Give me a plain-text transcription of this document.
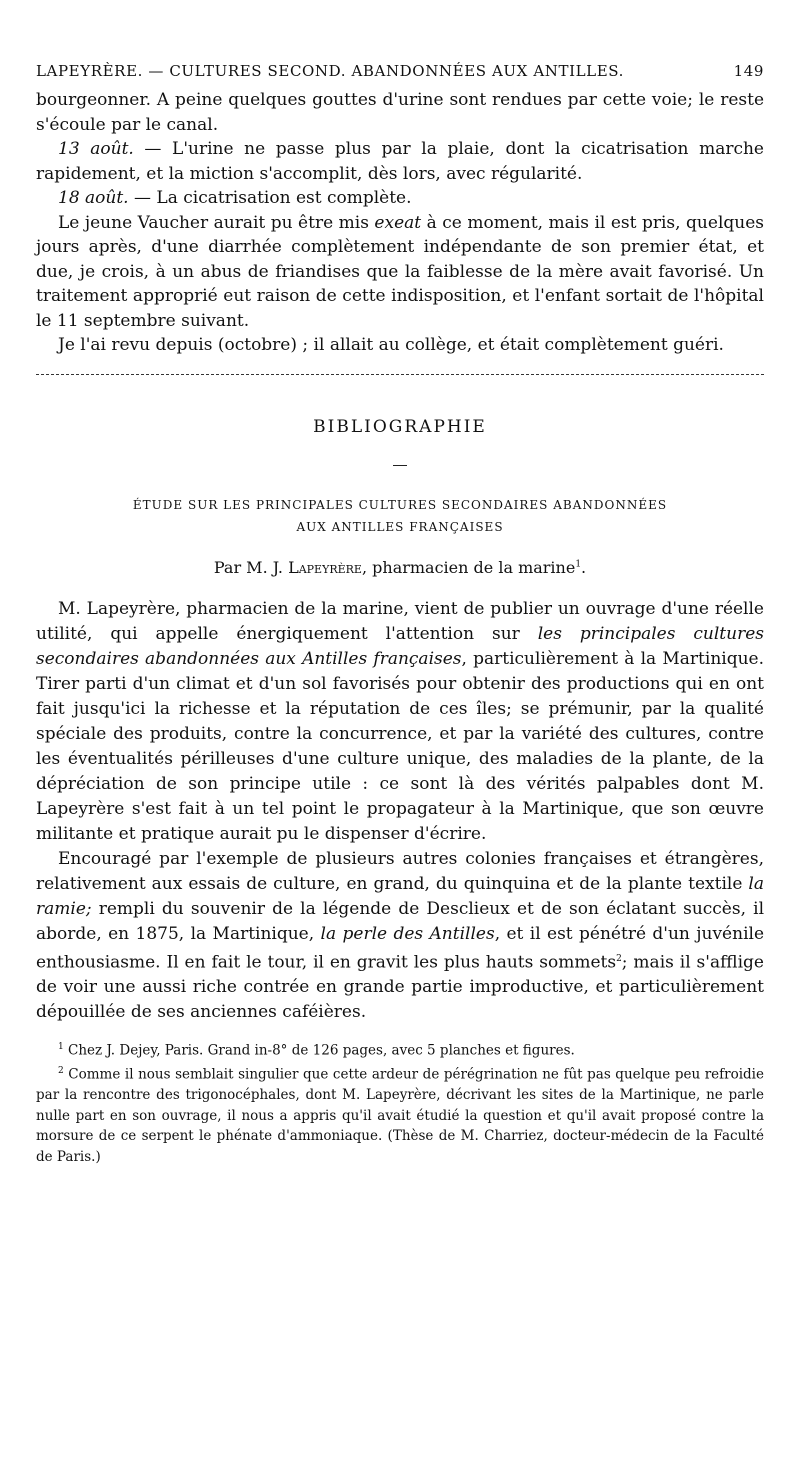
LAPEYRÈRE. — CULTURES SECOND. ABANDONNÉES AUX ANTILLES.	149

bourgeonner. A peine quelques gouttes d'urine sont rendues par cette voie; le reste s'écoule par le canal.

13 août. — L'urine ne passe plus par la plaie, dont la cicatrisation marche rapidement, et la miction s'accomplit, dès lors, avec régularité.

18 août. — La cicatrisation est complète.

Le jeune Vaucher aurait pu être mis exeat à ce moment, mais il est pris, quelques jours après, d'une diarrhée complètement indépendante de son premier état, et due, je crois, à un abus de friandises que la faiblesse de la mère avait favorisé. Un traitement approprié eut raison de cette indisposition, et l'enfant sortait de l'hôpital le 11 septembre suivant.

Je l'ai revu depuis (octobre) ; il allait au collège, et était complètement guéri.

BIBLIOGRAPHIE
ÉTUDE SUR LES PRINCIPALES CULTURES SECONDAIRES ABANDONNÉES
AUX ANTILLES FRANÇAISES
Par M. J. Lapeyrère, pharmacien de la marine$^1$.

M. Lapeyrère, pharmacien de la marine, vient de publier un ouvrage d'une réelle utilité, qui appelle énergiquement l'attention sur les principales cultures secondaires abandonnées aux Antilles françaises, particulièrement à la Martinique. Tirer parti d'un climat et d'un sol favorisés pour obtenir des productions qui en ont fait jusqu'ici la richesse et la réputation de ces îles; se prémunir, par la qualité spéciale des produits, contre la concurrence, et par la variété des cultures, contre les éventualités périlleuses d'une culture unique, des maladies de la plante, de la dépréciation de son principe utile : ce sont là des vérités palpables dont M. Lapeyrère s'est fait à un tel point le propagateur à la Martinique, que son œuvre militante et pratique aurait pu le dispenser d'écrire.

Encouragé par l'exemple de plusieurs autres colonies françaises et étrangères, relativement aux essais de culture, en grand, du quinquina et de la plante textile la ramie; rempli du souvenir de la légende de Desclieux et de son éclatant succès, il aborde, en 1875, la Martinique, la perle des Antilles, et il est pénétré d'un juvénile enthousiasme. Il en fait le tour, il en gravit les plus hauts sommets$^2$; mais il s'afflige de voir une aussi riche contrée en grande partie improductive, et particulièrement dépouillée de ses anciennes caféières.

$^1$ Chez J. Dejey, Paris. Grand in-8° de 126 pages, avec 5 planches et figures.

$^2$ Comme il nous semblait singulier que cette ardeur de pérégrination ne fût pas quelque peu refroidie par la rencontre des trigonocéphales, dont M. Lapeyrère, décrivant les sites de la Martinique, ne parle nulle part en son ouvrage, il nous a appris qu'il avait étudié la question et qu'il avait proposé contre la morsure de ce serpent le phénate d'ammoniaque. (Thèse de M. Charriez, docteur-médecin de la Faculté de Paris.)
